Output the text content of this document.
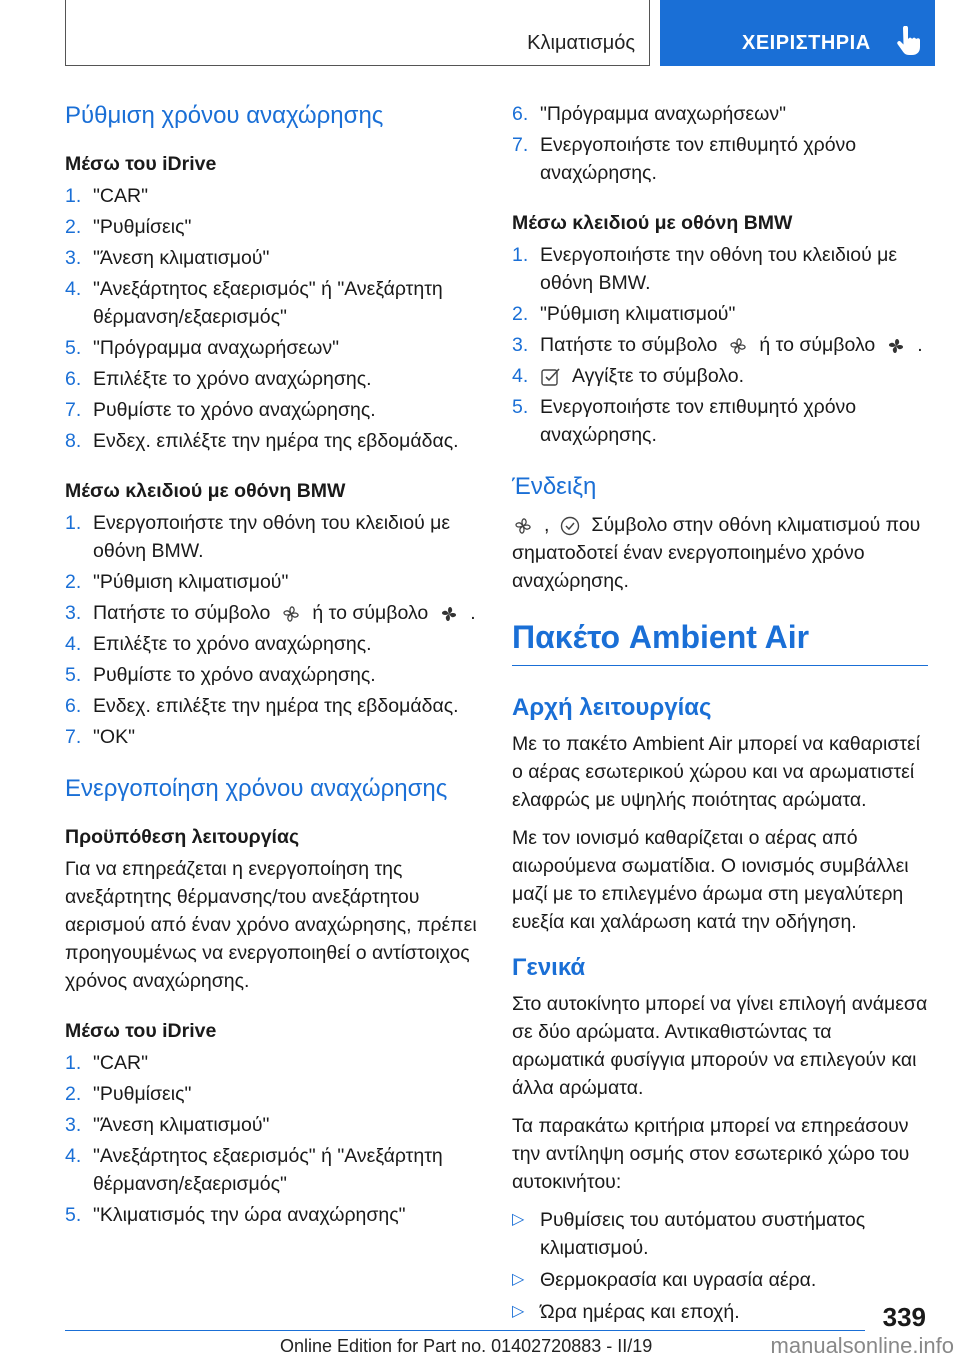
Κλιματισμός	ΧΕΙΡΙΣΤΗΡΙΑ
Ρύθμιση χρόνου αναχώρησης
Μέσω του iDrive
1. "CAR"
2. "Ρυθμίσεις"
3. "Άνεση κλιματισμού"
4. "Ανεξάρτητος εξαερισμός" ή "Ανεξάρτητη θέρμανση/εξαερισμός"
5. "Πρόγραμμα αναχωρήσεων"
6. Επιλέξτε το χρόνο αναχώρησης.
7. Ρυθμίστε το χρόνο αναχώρησης.
8. Ενδεχ. επιλέξτε την ημέρα της εβδομάδας.
Μέσω κλειδιού με οθόνη BMW
1. Ενεργοποιήστε την οθόνη του κλειδιού με οθόνη BMW.
2. "Ρύθμιση κλιματισμού"
3. Πατήστε το σύμβολο ή το σύμβολο .
4. Επιλέξτε το χρόνο αναχώρησης.
5. Ρυθμίστε το χρόνο αναχώρησης.
6. Ενδεχ. επιλέξτε την ημέρα της εβδομάδας.
7. "OK"
Ενεργοποίηση χρόνου αναχώρησης
Προϋπόθεση λειτουργίας

Για να επηρεάζεται η ενεργοποίηση της ανεξάρτητης θέρμανσης/του ανεξάρτητου αερισμού από έναν χρόνο αναχώρησης, πρέπει προηγουμένως να ενεργοποιηθεί ο αντίστοιχος χρόνος αναχώρησης.

Μέσω του iDrive
1. "CAR"
2. "Ρυθμίσεις"
3. "Άνεση κλιματισμού"
4. "Ανεξάρτητος εξαερισμός" ή "Ανεξάρτητη θέρμανση/εξαερισμός"
5. "Κλιματισμός την ώρα αναχώρησης"
6. "Πρόγραμμα αναχωρήσεων"
7. Ενεργοποιήστε τον επιθυμητό χρόνο αναχώρησης.
Μέσω κλειδιού με οθόνη BMW
1. Ενεργοποιήστε την οθόνη του κλειδιού με οθόνη BMW.
2. "Ρύθμιση κλιματισμού"
3. Πατήστε το σύμβολο ή το σύμβολο .
4. Αγγίξτε το σύμβολο.
5. Ενεργοποιήστε τον επιθυμητό χρόνο αναχώρησης.
Ένδειξη

, Σύμβολο στην οθόνη κλιματισμού που σηματοδοτεί έναν ενεργοποιημένο χρόνο αναχώρησης.

Πακέτο Ambient Air
Αρχή λειτουργίας

Με το πακέτο Ambient Air μπορεί να καθαριστεί ο αέρας εσωτερικού χώρου και να αρωματιστεί ελαφρώς με υψηλής ποιότητας αρώματα.

Με τον ιονισμό καθαρίζεται ο αέρας από αιωρούμενα σωματίδια. Ο ιονισμός συμβάλλει μαζί με το επιλεγμένο άρωμα στη μεγαλύτερη ευεξία και χαλάρωση κατά την οδήγηση.

Γενικά

Στο αυτοκίνητο μπορεί να γίνει επιλογή ανάμεσα σε δύο αρώματα. Αντικαθιστώντας τα αρωματικά φυσίγγια μπορούν να επιλεγούν και άλλα αρώματα.

Τα παρακάτω κριτήρια μπορεί να επηρεάσουν την αντίληψη οσμής στον εσωτερικό χώρο του αυτοκινήτου:

▷ Ρυθμίσεις του αυτόματου συστήματος κλιματισμού.
▷ Θερμοκρασία και υγρασία αέρα.
▷ Ώρα ημέρας και εποχή.	339
Online Edition for Part no. 01402720883 - II/19	manualsonline.info
